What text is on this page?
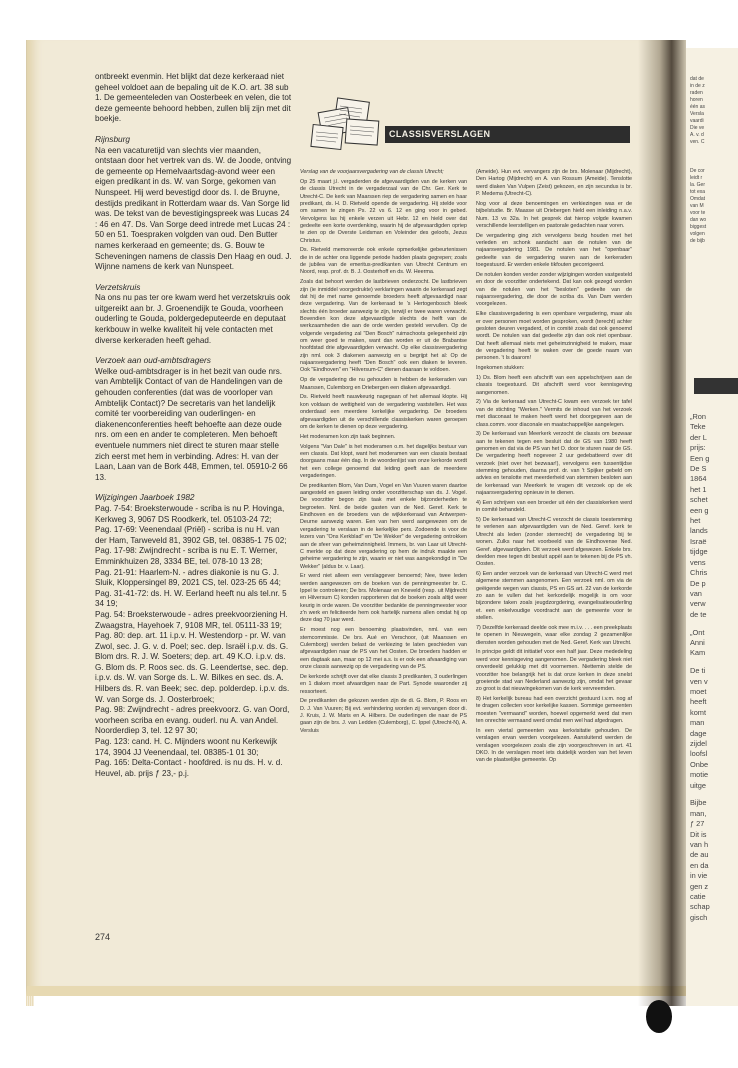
dat de
in de z
raden
horen
één as
Versla
vaardi
Die ve
A. v. d
ven. C
De cor
leidt r
la. Ger
tot exa
Omdat
van M
voor te
dan wo
biggest
volgen
de bijb
„Ron
Teke
der L
prijs:
Een g
De S
1864
het 1
schet
een g
het
lands
Israë
tijdge
vens
Chris
De p
van
verw
de te
„Ont
Anni
Kam
De ti
ven v
moet
heeft
komt
man
dage
zijdel
loofsl
Onbe
motie
uitge
Bijbe
man,
ƒ 27
Dit is
van h
de au
en da
in vie
gen z
catie
schap
gisch

ontbreekt evenmin. Het blijkt dat deze kerkeraad niet geheel voldoet aan de bepaling uit de K.O. art. 38 sub 1. De gemeenteleden van Oosterbeek en velen, die tot deze gemeente behoord hebben, zullen blij zijn met dit boekje.

Rijnsburg

Na een vacaturetijd van slechts vier maanden, ontstaan door het vertrek van ds. W. de Joode, ontving de gemeente op Hemelvaartsdag-avond weer een eigen predikant in ds. W. van Sorge, gekomen van Nunspeet. Hij werd bevestigd door ds. I. de Bruyne, destijds predikant in Rotterdam waar ds. Van Sorge lid was. De tekst van de bevestigingspreek was Lucas 24 : 46 en 47. Ds. Van Sorge deed intrede met Lucas 24 : 50 en 51. Toespraken volgden van oud. Den Butter names kerkeraad en gemeente; ds. G. Bouw te Scheveningen namens de classis Den Haag en oud. J. Wijnne namens de kerk van Nunspeet.

Verzetskruis

Na ons nu pas ter ore kwam werd het verzetskruis ook uitgereikt aan br. J. Groenendijk te Gouda, voorheen ouderling te Gouda, poldergedeputeerde en deputaat kerkbouw in welke kwaliteit hij vele contacten met diverse kerkeraden heeft gehad.

Verzoek aan oud-ambtsdragers

Welke oud-ambtsdrager is in het bezit van oude nrs. van Ambtelijk Contact of van de Handelingen van de gehouden conferenties (dat was de voorloper van Ambtelijk Contact)? De secretaris van het landelijk comité ter voorbereiding van ouderlingen- en diakenenconferenties heeft behoefte aan deze oude nrs. om een en ander te completeren. Men behoeft eventuele nummers niet direct te sturen maar stelle zich eerst met hem in verbinding. Adres: H. van der Laan, Laan van de Bork 448, Emmen, tel. 05910-2 66 13.

Wijzigingen Jaarboek 1982

Pag. 7-54: Broeksterwoude - scriba is nu P. Hovinga, Kerkweg 3, 9067 DS Roodkerk, tel. 05103-24 72;

Pag. 17-69: Veenendaal (Priël) - scriba is nu H. van der Ham, Tarweveld 81, 3902 GB, tel. 08385-1 75 02;

Pag. 17-98: Zwijndrecht - scriba is nu E. T. Werner, Emminkhuizen 28, 3334 BE, tel. 078-10 13 28;

Pag. 21-91: Haarlem-N. - adres diakonie is nu G. J. Sluik, Kloppersingel 89, 2021 CS, tel. 023-25 65 44;

Pag. 31-41-72: ds. H. W. Eerland heeft nu als tel.nr. 5 34 19;

Pag. 54: Broeksterwoude - adres preekvoorziening H. Zwaagstra, Hayehoek 7, 9108 MR, tel. 05111-33 19;

Pag. 80: dep. art. 11 i.p.v. H. Westendorp - pr. W. van Zwol, sec. J. G. v. d. Poel; sec. dep. Israël i.p.v. ds. G. Blom drs. R. J. W. Soeters; dep. art. 49 K.O. i.p.v. ds. G. Blom ds. P. Roos sec. ds. G. Leendertse, sec. dep. i.p.v. ds. W. van Sorge ds. L. W. Bilkes en sec. ds. A. Hilbers ds. R. van Beek; sec. dep. polderdep. i.p.v. ds. W. van Sorge ds. J. Oosterbroek;

Pag. 98: Zwijndrecht - adres preekvoorz. G. van Oord, voorheen scriba en evang. ouderl. nu A. van Andel. Noorderdiep 3, tel. 12 97 30;

Pag. 123: cand. H. C. Mijnders woont nu Kerkewijk 174, 3904 JJ Veenendaal, tel. 08385-1 01 30;

Pag. 165: Delta-Contact - hoofdred. is nu ds. H. v. d. Heuvel, ab. prijs ƒ 23,- p.j.

CLASSISVERSLAGEN

Verslag van de voorjaarsvergadering van de classis Utrecht;

Op 25 maart j.l. vergaderden de afgevaardigden van de kerken van de classis Utrecht in de vergaderzaal van de Chr. Ger. Kerk te Utrecht-C. De kerk van Maarssen riep de vergadering samen en haar predikant, ds. H. D. Rietveld opende de vergadering. Hij stelde voor om samen te zingen Ps. 22 vs 6. 12 en ging voor in gebed. Vervolgens las hij enkele verzen uit Hebr. 12 en hield over dat gedeelte een korte overdenking, waarin hij de afgevaardigden opriep te zien op de Overste Leidsman en Voleinder des geloofs, Jezus Christus.

Ds. Rietveld memoreerde ook enkele opmerkelijke gebeurtenissen die in de achter ons liggende periode hadden plaats gegrepen; zoals de jubilea van de emeritus-predikanten van Utrecht Centrum en Noord, resp. prof. dr. B. J. Oosterhoff en ds. W. Heerma.

Zoals dat behoort werden de lastbrieven onderzocht. De lastbrieven zijn (ie inmiddel voorgedrukte) verklaringen waarin de kerkeraad zegt dat hij de met name genoemde broeders heeft afgevaardigd naar deze vergadering. Van de kerkeraad te 's Hertogenbosch bleek slechts één broeder aanwezig te zijn, terwijl er twee waren verwacht. Bovendien kon deze afgevaardigde slechts de helft van de werkzaamheden die aan de orde werden gesteld vervullen. Op de volgende vergadering zal "Den Bosch" ruimschoots gelegenheid zijn om weer goed te maken, want dan worden er uit de Brabantse hoofdstad drie afgevaardigden verwacht. Op elke classisvergadering zijn nml. ook 3 diakenen aanwezig en u begrijpt het al: Op de najaarsvergadering heeft "Den Bosch" ook een diaken te leveren. Ook "Eindhoven" en "Hilversum-C" dienen daaraan te voldoen.

Op de vergadering die nu gehouden is hebben de kerkeraden van Maarssen, Culemborg en Driebergen een diaken afgevaardigd.

Ds. Rietveld heeft nauwkeurig nagegaan of het allemaal klopte. Hij kon voldaan de wettigheid van de vergadering vaststellen. Het was onderdaad een meerdere kerkelijke vergadering. De broeders afgevaardigden uit de verschillende classiskerken waren geroepen om de kerken te dienen op deze vergadering.

Het moderamen kon zijn taak beginnen.

Volgens "Van Dale" is het moderamen o.m. het dagelijks bestuur van een classis. Dat klopt, want het moderamen van een classis bestaat doorgaans maar één dag. In de woordenlijst van onze kerkorde wordt het een college genoemd dat leiding geeft aan de meerdere vergaderingen.

De predikanten Blom, Van Dam, Vogel en Van Vuuren waren daartoe aangesteld en gaven leiding onder voorzitterschap van ds. J. Vogel. De voorzitter begon zijn taak met enkele bijzonderheden te begroeten. Nml. de beide gasten van de Ned. Geref. Kerk te Eindhoven en de broeders van de wijkkerkeraad van Antwerpen-Deurne aanwezig waren. Een van hen werd aangewezen om de vergadering te verslaan in de kerkelijke pers. Zodoende is voor de lezers van "Ons Kerkblad" en "De Wekker" de vergadering ontrokken aan de sfeer van geheimzinnigheid. Immers, br. van Laar uit Utrecht-C merkte op dat deze vergadering op hem de indruk maakte een geheime vergadering te zijn, waarin er niet was aangekondigd in "De Wekker" (aldus br. v. Laar).

Er werd niet alleen een verslaggever benoemd; Nee, twee leden werden aangewezen om de boeken van de penningmeester br. C. Ippel te controleren; De brs. Molenaar en Kneveld (resp. uit Mijdrecht en Hilversum C) konden rapporteren dat de boeken zoals altijd weer keurig in orde waren. De voorzitter bedankte de penningmeester voor z'n werk en feliciteerde hem ook hartelijk namens allen omdat hij op deze dag 70 jaar werd.

Er moest nog een benoeming plaatsvinden, nml. van een stemcommissie. De brs. Aué en Verschoor, (uit Maarssen en Culemborg) werden belast de verkiezing te laten geschieden van afgevaardigden naar de PS van het Oosten. De broeders hadden er een dagtaak aan, maar op 12 mei a.s. is er ook een afvaardiging van onze classis aanwezig op de vergadering van de PS.

De kerkorde schrijft over dat elke classis 3 predikanten, 3 ouderlingen en 1 diaken moet afvaardigen naar de Part. Synode waaronder zij ressorteert.

De predikanten die gekozen werden zijn de di. G. Blom, P. Roos en D. J. Van Vuuren; Bij evt. verhindering worden zij vervangen door di. J. Kruis, J. W. Maris en A. Hilbers. De ouderlingen die naar de PS gaan zijn de brs. J. van Ledden (Culemborg), C. Ippel (Utrecht-N), A. Versluis

(Ameide). Hun evt. vervangers zijn de brs. Molenaar (Mijdrecht), Den Hartog (Mijdrecht) en A. van Rossum (Ameide). Tenslotte werd diaken Van Vulpen (Zeist) gekozen, en zijn secundus is br. P. Medema (Utrecht-C).

Nog voor al deze benoemingen en verkiezingen was er de bijbelstudie. Br. Maasse uit Driebergen hield een inleiding n.a.v. Num. 13 vs 32a. In het gesprek dat hierop volgde kwamen verschillende leerstelligen en pastorale gedachten naar voren.

De vergadering ging zich vervolgens bezig houden met het verleden en schonk aandacht aan de notulen van de najaarsvergadering 1981. De notulen van het "openbaar" gedeelte van de vergadering waren aan de kerkeraden toegestuurd. Er werden enkele tikfouten gecorrigeerd.

De notulen konden verder zonder wijzigingen worden vastgesteld en door de voorzitter ondertekend. Dat kan ook gezegd worden van de notulen van het "besloten" gedeelte van de najaarsvergadering, die door de scriba ds. Van Dam werden voorgelezen.

Elke classisvergadering is een openbare vergadering, maar als er over personen moet worden gesproken, wordt (terecht) achter gesloten deuren vergaderd, of in comité zoals dat ook genoemd wordt. De notulen van dat gedeelte zijn dan ook niet openbaar. Dat heeft allemaal niets met geheimzinnigheid te maken, maar de vergadering heeft te waken over de goede naam van personen. 't Is daarom!

Ingekomen stukken:

1) Ds. Blom heeft een afschrift van een appelschrijven aan de classis toegestuurd. Dit afschrift werd voor kennisgeving aangenomen.

2) Via de kerkeraad van Utrecht-C kwam een verzoek ter tafel van de stichting "Werken." Vermits de inhoud van het verzoek met diaconaat te maken heeft werd het doorgegeven aan de class.comm. voor diaconale en maatschappelijke aangelegen.

3) De kerkeraad van Meerkerk verzocht de classis om bezwaar aan te tekenen tegen een besluit dat de GS van 1980 heeft genomen en dat via de PS van het O. door te sturen naar de GS. De vergadering heeft nogeveer 2 uur gedebatteerd over dit verzoek (niet over het bezwaar!), vervolgens een tussentijdse stemming gehouden, daarna prof. dr. van 't Spijker gebeld om advies en tenslotte met meerderheid van stemmen besloten aan de kerkeraad van Meerkerk te vragen dit verzoek op de ek najaarsvergadering opnieuw in te dienen.

4) Een schrijven van een broeder uit één der classiskerken werd in comité behandeld.

5) De kerkeraad van Utrecht-C verzocht de classis toestemming te verlenen aan afgevaardigden van de Ned. Geref. kerk te Utrecht als leden (zonder stemrecht) de vergadering bij te wonen. Zulks naar het voorbeeld van de Eindhovense Ned. Geref. afgevaardigden. Dit verzoek werd afgewezen. Enkele brs. deelden mee tegen dit besluit appèl aan te tekenen bij de PS vh. Oosten.

6) Een ander verzoek van de kerkeraad van Utrecht-C werd met algemene stemmen aangenomen. Een verzoek nml. om via de geëigende wegen van classis, PS en GS art. 22 van de kerkorde zo aan te vullen dat het kerkordelijk mogelijk is om voor bijzondere taken zoals jeugdzorgdering, evangelisatieouderling et. een enkelvoudige voordracht aan de gemeente voor te stellen.

7) Dezelfde kerkeraad deelde ook mee m.i.v. . . . een preekplaats te openen in Nieuwegein, waar elke zondag 2 gezamenlijke diensten worden gehouden met de Ned. Geref. Kerk van Utrecht.

In principe geldt dit initiatief voor een half jaar. Deze mededeling werd voor kennisgeving aangenomen. De vergadering bleek niet onverdeeld gelukkig met dit voornemen. Niettemin stelde de voorzitter hoe belangrijk het is dat onze kerken in deze snelst groeiende stad van Nederland aanwezig zijn, omdat het gevaar zo groot is dat nieuwingekomen van de kerk vervreemden.

8) Het kerkelijk bureau had een overzicht gestuurd i.v.m. nog af te dragen collecten voor kerkelijke kassen. Sommige gemeenten moesten "vermaand" worden, hoewel opgemerkt werd dat men ten onrechte vermaand werd omdat men wel had afgedragen.

In een viertal gemeenten was kerkvisitatie gehouden. De verslagen ervan werden voorgelezen. Aansluitend werden de verslagen voorgelezen zoals die zijn voorgeschreven in art. 41 DKO. In de verslagen moet iets duidelijk worden van het leven van de plaatselijke gemeente. Op

274
